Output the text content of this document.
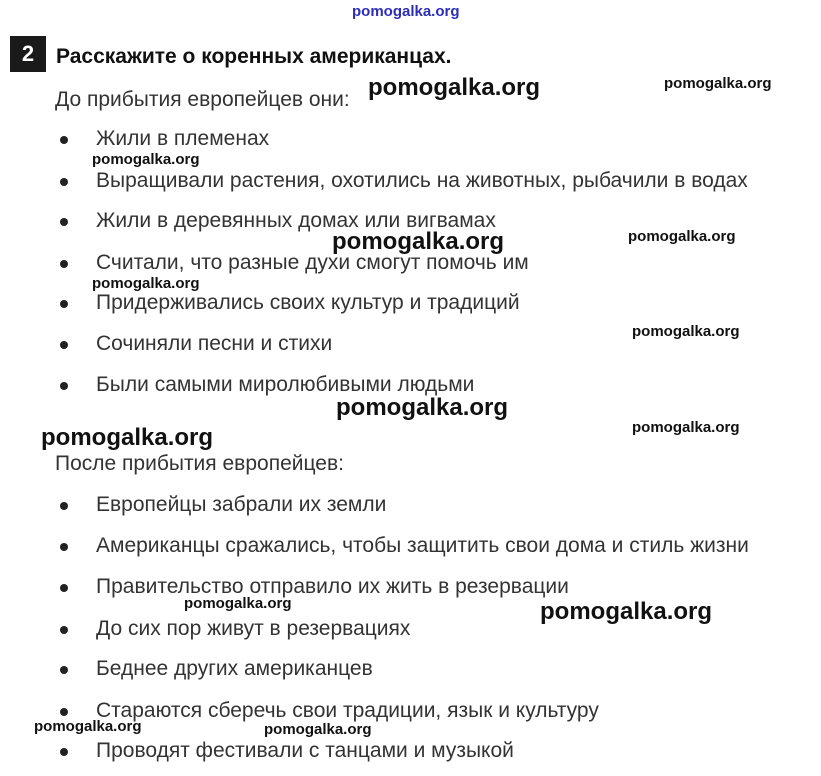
pomogalka.org
2	Расскажите о коренных американцах.
До прибытия европейцев они:
Жили в племенах
Выращивали растения, охотились на животных, рыбачили в водах
Жили в деревянных домах или вигвамах
Считали, что разные духи смогут помочь им
Придерживались своих культур и традиций
Сочиняли песни и стихи
Были самыми миролюбивыми людьми
После прибытия европейцев:
Европейцы забрали их земли
Американцы сражались, чтобы защитить свои дома и стиль жизни
Правительство отправило их жить в резервации
До сих пор живут в резервациях
Беднее других американцев
Стараются сберечь свои традиции, язык и культуру
Проводят фестивали с танцами и музыкой
pomogalka.org	pomogalka.org
pomogalka.org
pomogalka.org	pomogalka.org
pomogalka.org
pomogalka.org
pomogalka.org
pomogalka.org	pomogalka.org
pomogalka.org	pomogalka.org
pomogalka.org	pomogalka.org
